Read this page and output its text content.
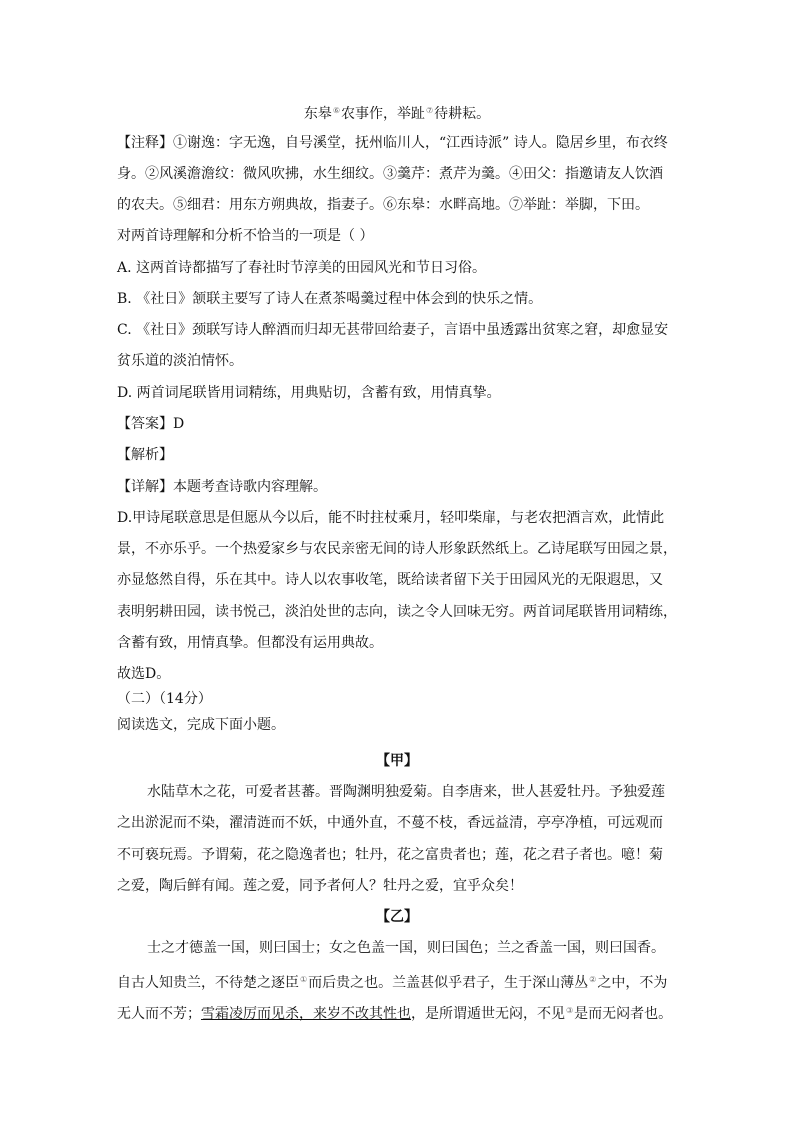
东皋⑥农事作，举趾⑦待耕耘。
【注释】①谢逸：字无逸，自号溪堂，抚州临川人，“江西诗派” 诗人。隐居乡里，布衣终
身。②风溪澹澹纹：微风吹拂，水生细纹。③羹芹：煮芹为羹。④田父：指邀请友人饮酒
的农夫。⑤细君：用东方朔典故，指妻子。⑥东皋：水畔高地。⑦举趾：举脚，下田。
对两首诗理解和分析不恰当的一项是（ ）
A. 这两首诗都描写了春社时节淳美的田园风光和节日习俗。
B. 《社日》颔联主要写了诗人在煮茶喝羹过程中体会到的快乐之情。
C. 《社日》颈联写诗人醉酒而归却无甚带回给妻子，言语中虽透露出贫寒之窘，却愈显安
贫乐道的淡泊情怀。
D. 两首词尾联皆用词精练，用典贴切，含蓄有致，用情真挚。
【答案】D
【解析】
【详解】本题考查诗歌内容理解。
D.甲诗尾联意思是但愿从今以后，能不时拄杖乘月，轻叩柴扉，与老农把酒言欢，此情此
景，不亦乐乎。一个热爱家乡与农民亲密无间的诗人形象跃然纸上。乙诗尾联写田园之景，
亦显悠然自得，乐在其中。诗人以农事收笔，既给读者留下关于田园风光的无限遐思，又
表明躬耕田园，读书悦己，淡泊处世的志向，读之令人回味无穷。两首词尾联皆用词精练，
含蓄有致，用情真挚。但都没有运用典故。
故选D。
（二）（14分）
阅读选文，完成下面小题。
【甲】
水陆草木之花，可爱者甚蕃。晋陶渊明独爱菊。自李唐来，世人甚爱牡丹。予独爱莲
之出淤泥而不染，濯清涟而不妖，中通外直，不蔓不枝，香远益清，亭亭净植，可远观而
不可亵玩焉。予谓菊，花之隐逸者也；牡丹，花之富贵者也；莲，花之君子者也。噫！菊
之爱，陶后鲜有闻。莲之爱，同予者何人？牡丹之爱，宜乎众矣！
【乙】
士之才德盖一国，则曰国士；女之色盖一国，则曰国色；兰之香盖一国，则曰国香。
自古人知贵兰，不待楚之逐臣①而后贵之也。兰盖甚似乎君子，生于深山薄丛②之中，不为
无人而不芳；雪霜凌厉而见杀，来岁不改其性也，是所谓遁世无闷，不见③是而无闷者也。
